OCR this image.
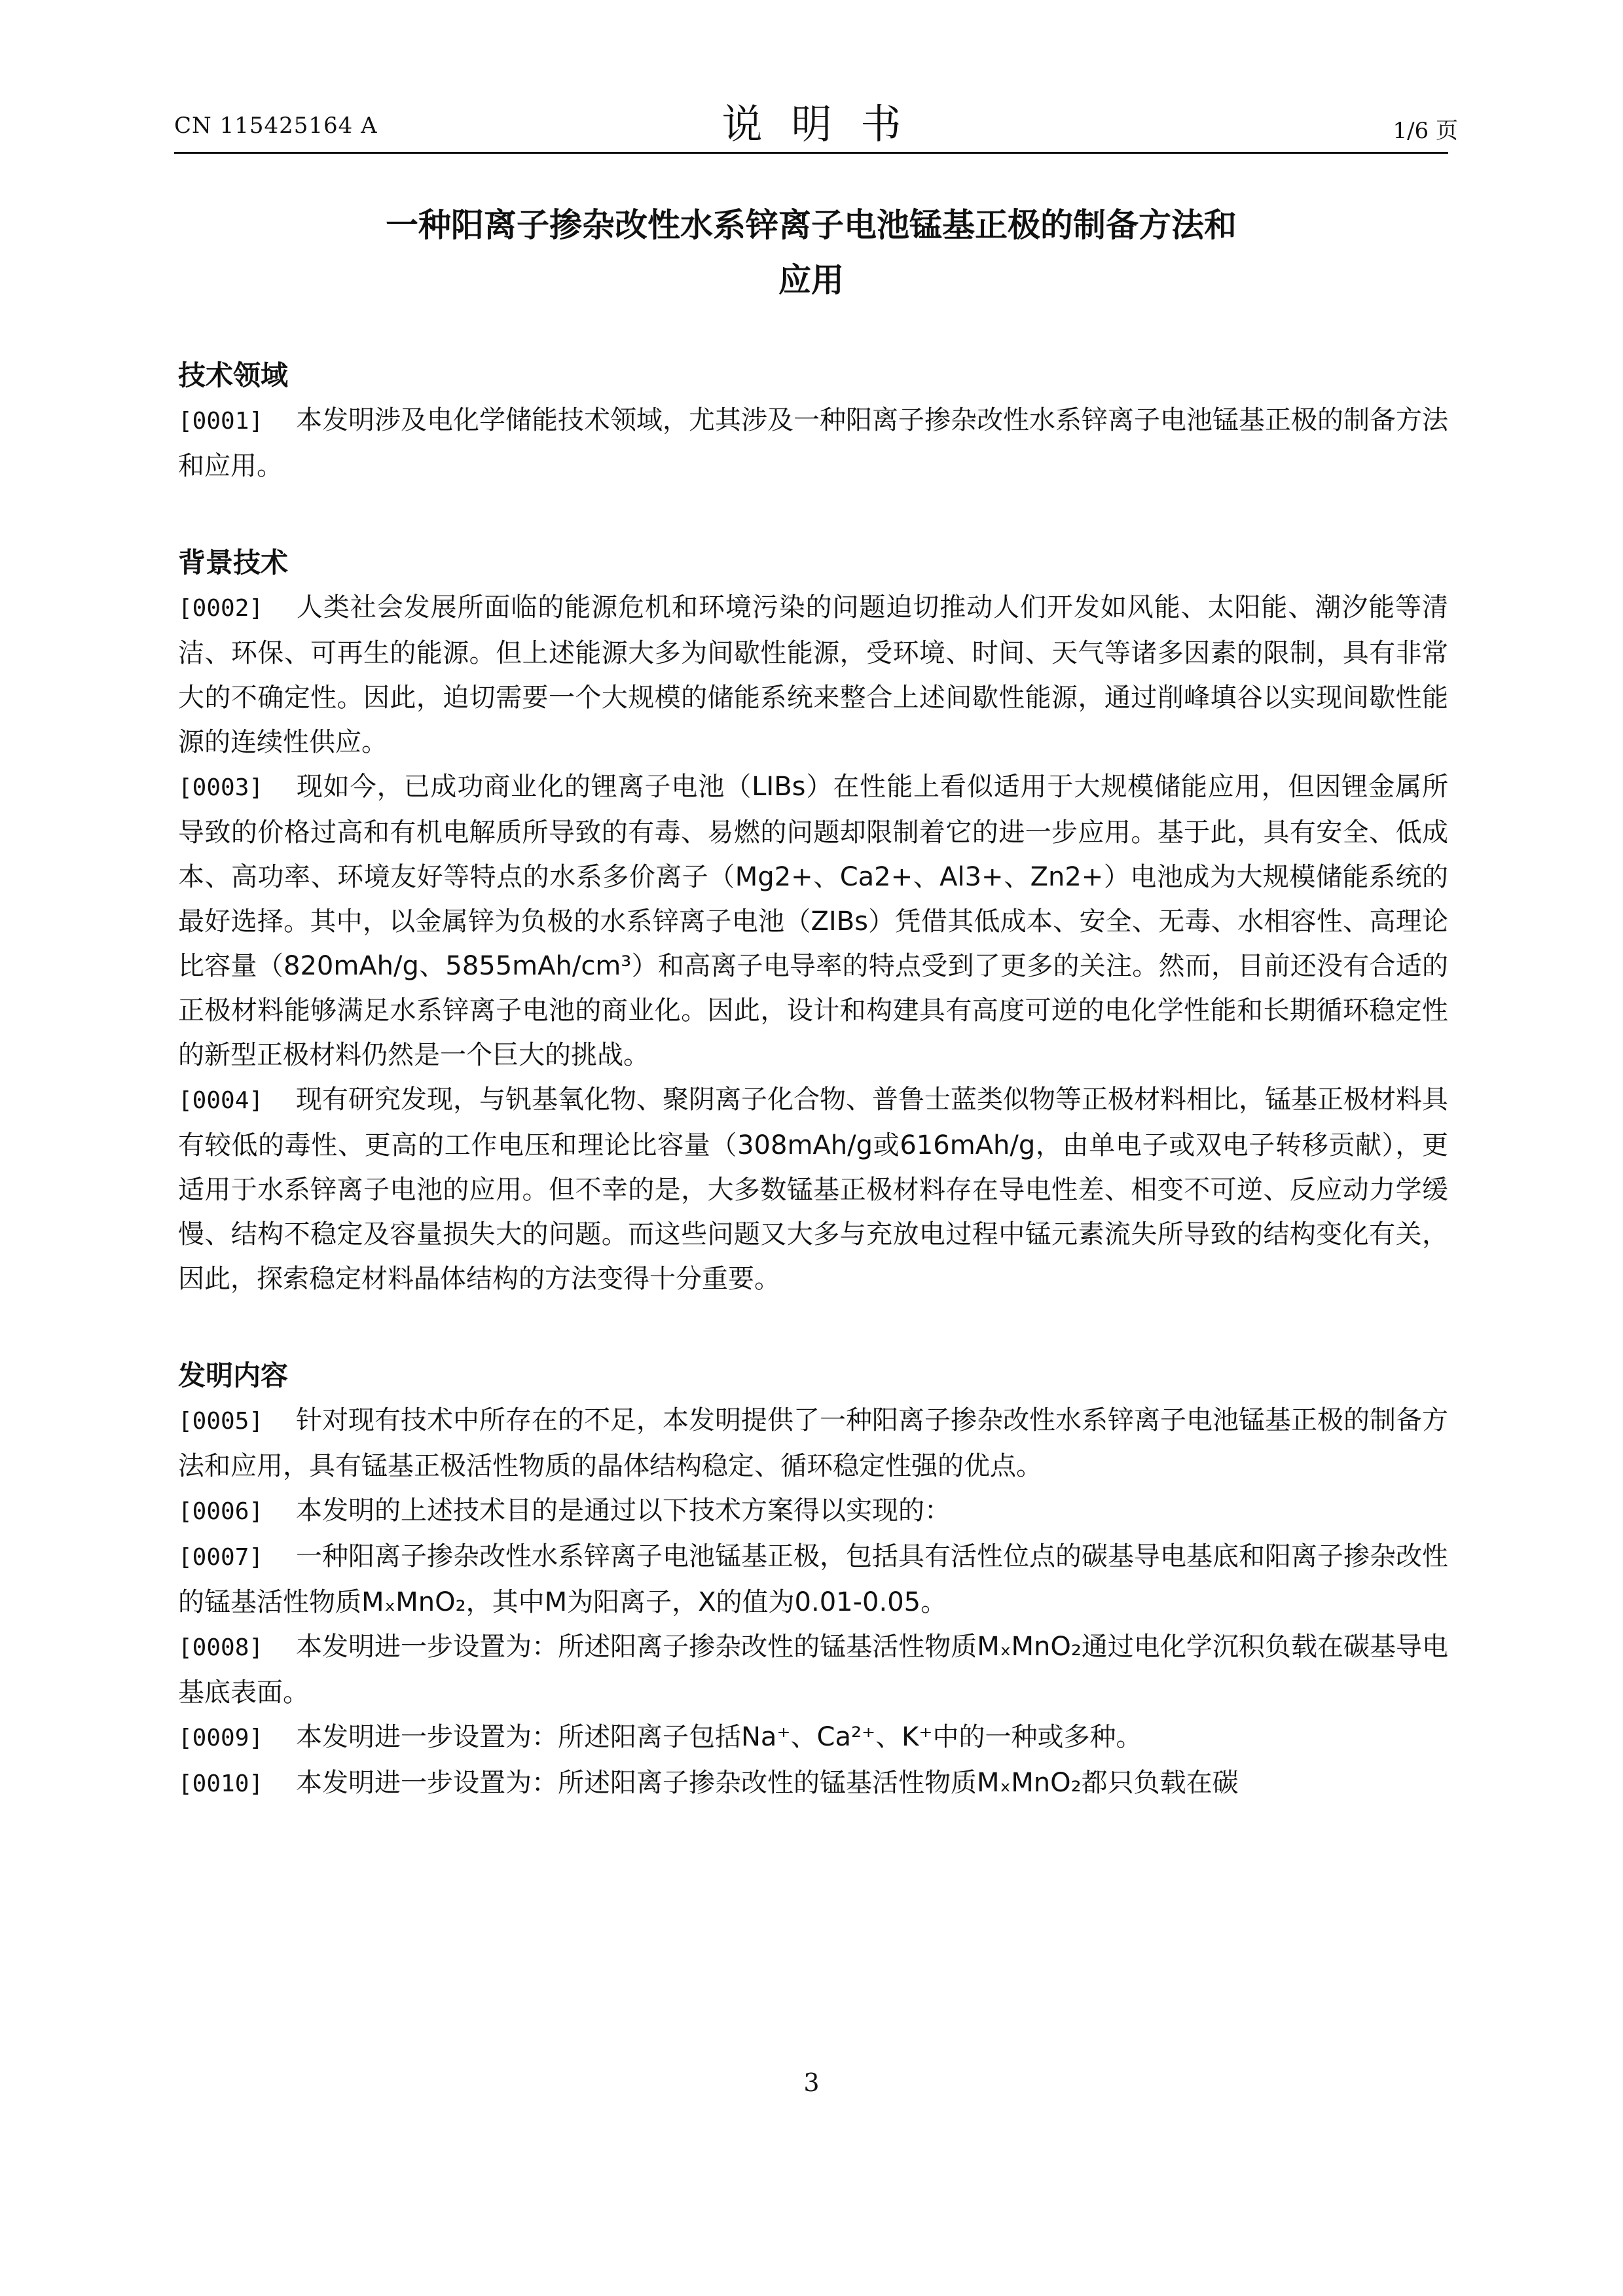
CN 115425164 A	说明书	1/6 页
一种阳离子掺杂改性水系锌离子电池锰基正极的制备方法和
应用

技术领域

[0001] 本发明涉及电化学储能技术领域，尤其涉及一种阳离子掺杂改性水系锌离子电池锰基正极的制备方法和应用。

背景技术

[0002] 人类社会发展所面临的能源危机和环境污染的问题迫切推动人们开发如风能、太阳能、潮汐能等清洁、环保、可再生的能源。但上述能源大多为间歇性能源，受环境、时间、天气等诸多因素的限制，具有非常大的不确定性。因此，迫切需要一个大规模的储能系统来整合上述间歇性能源，通过削峰填谷以实现间歇性能源的连续性供应。

[0003] 现如今，已成功商业化的锂离子电池（LIBs）在性能上看似适用于大规模储能应用，但因锂金属所导致的价格过高和有机电解质所导致的有毒、易燃的问题却限制着它的进一步应用。基于此，具有安全、低成本、高功率、环境友好等特点的水系多价离子（Mg2+、Ca2+、Al3+、Zn2+）电池成为大规模储能系统的最好选择。其中，以金属锌为负极的水系锌离子电池（ZIBs）凭借其低成本、安全、无毒、水相容性、高理论比容量（820mAh/g、5855mAh/cm³）和高离子电导率的特点受到了更多的关注。然而，目前还没有合适的正极材料能够满足水系锌离子电池的商业化。因此，设计和构建具有高度可逆的电化学性能和长期循环稳定性的新型正极材料仍然是一个巨大的挑战。

[0004] 现有研究发现，与钒基氧化物、聚阴离子化合物、普鲁士蓝类似物等正极材料相比，锰基正极材料具有较低的毒性、更高的工作电压和理论比容量（308mAh/g或616mAh/g，由单电子或双电子转移贡献），更适用于水系锌离子电池的应用。但不幸的是，大多数锰基正极材料存在导电性差、相变不可逆、反应动力学缓慢、结构不稳定及容量损失大的问题。而这些问题又大多与充放电过程中锰元素流失所导致的结构变化有关，因此，探索稳定材料晶体结构的方法变得十分重要。

发明内容

[0005] 针对现有技术中所存在的不足，本发明提供了一种阳离子掺杂改性水系锌离子电池锰基正极的制备方法和应用，具有锰基正极活性物质的晶体结构稳定、循环稳定性强的优点。

[0006] 本发明的上述技术目的是通过以下技术方案得以实现的：

[0007] 一种阳离子掺杂改性水系锌离子电池锰基正极，包括具有活性位点的碳基导电基底和阳离子掺杂改性的锰基活性物质MₓMnO₂，其中M为阳离子，X的值为0.01-0.05。

[0008] 本发明进一步设置为：所述阳离子掺杂改性的锰基活性物质MₓMnO₂通过电化学沉积负载在碳基导电基底表面。

[0009] 本发明进一步设置为：所述阳离子包括Na⁺、Ca²⁺、K⁺中的一种或多种。

[0010] 本发明进一步设置为：所述阳离子掺杂改性的锰基活性物质MₓMnO₂都只负载在碳

3
